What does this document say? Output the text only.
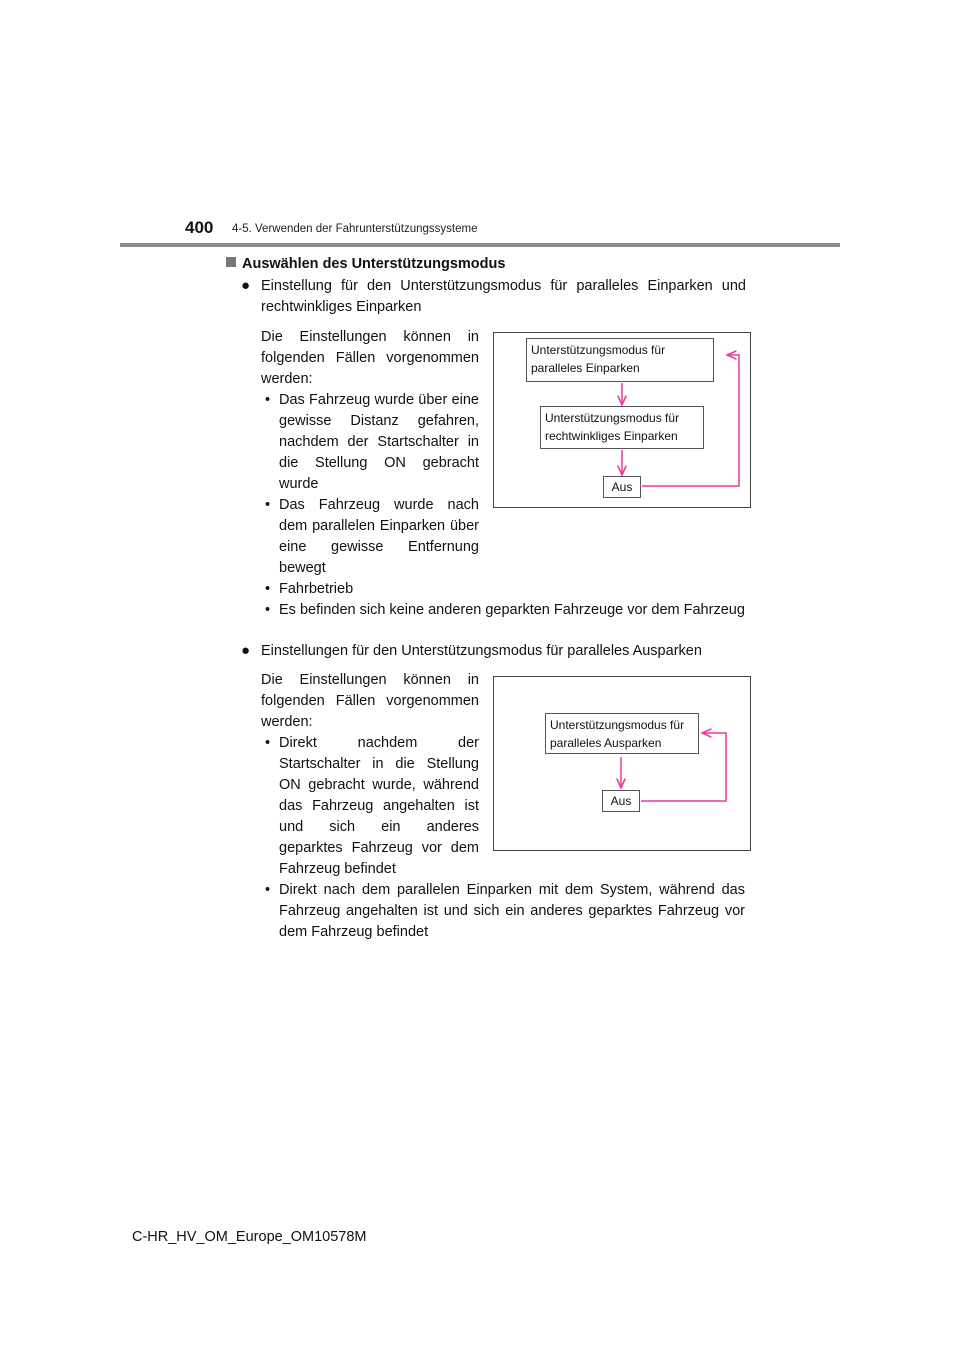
400 4-5. Verwenden der Fahrunterstützungssysteme
Auswählen des Unterstützungsmodus
● Einstellung für den Unterstützungsmodus für paralleles Einparken und rechtwinkliges Einparken
Die Einstellungen können in folgenden Fällen vorgenommen werden:
• Das Fahrzeug wurde über eine gewisse Distanz gefahren, nachdem der Startschalter in die Stellung ON gebracht wurde
• Das Fahrzeug wurde nach dem parallelen Einparken über eine gewisse Entfernung bewegt
• Fahrbetrieb
• Es befinden sich keine anderen geparkten Fahrzeuge vor dem Fahrzeug
Unterstützungsmodus für paralleles Einparken
Unterstützungsmodus für rechtwinkliges Einparken
Aus
● Einstellungen für den Unterstützungsmodus für paralleles Ausparken
Die Einstellungen können in folgenden Fällen vorgenommen werden:
• Direkt nachdem der Startschalter in die Stellung ON gebracht wurde, während das Fahrzeug angehalten ist und sich ein anderes geparktes Fahrzeug vor dem Fahrzeug befindet
• Direkt nach dem parallelen Einparken mit dem System, während das Fahrzeug angehalten ist und sich ein anderes geparktes Fahrzeug vor dem Fahrzeug befindet
Unterstützungsmodus für paralleles Ausparken
Aus
C-HR_HV_OM_Europe_OM10578M
